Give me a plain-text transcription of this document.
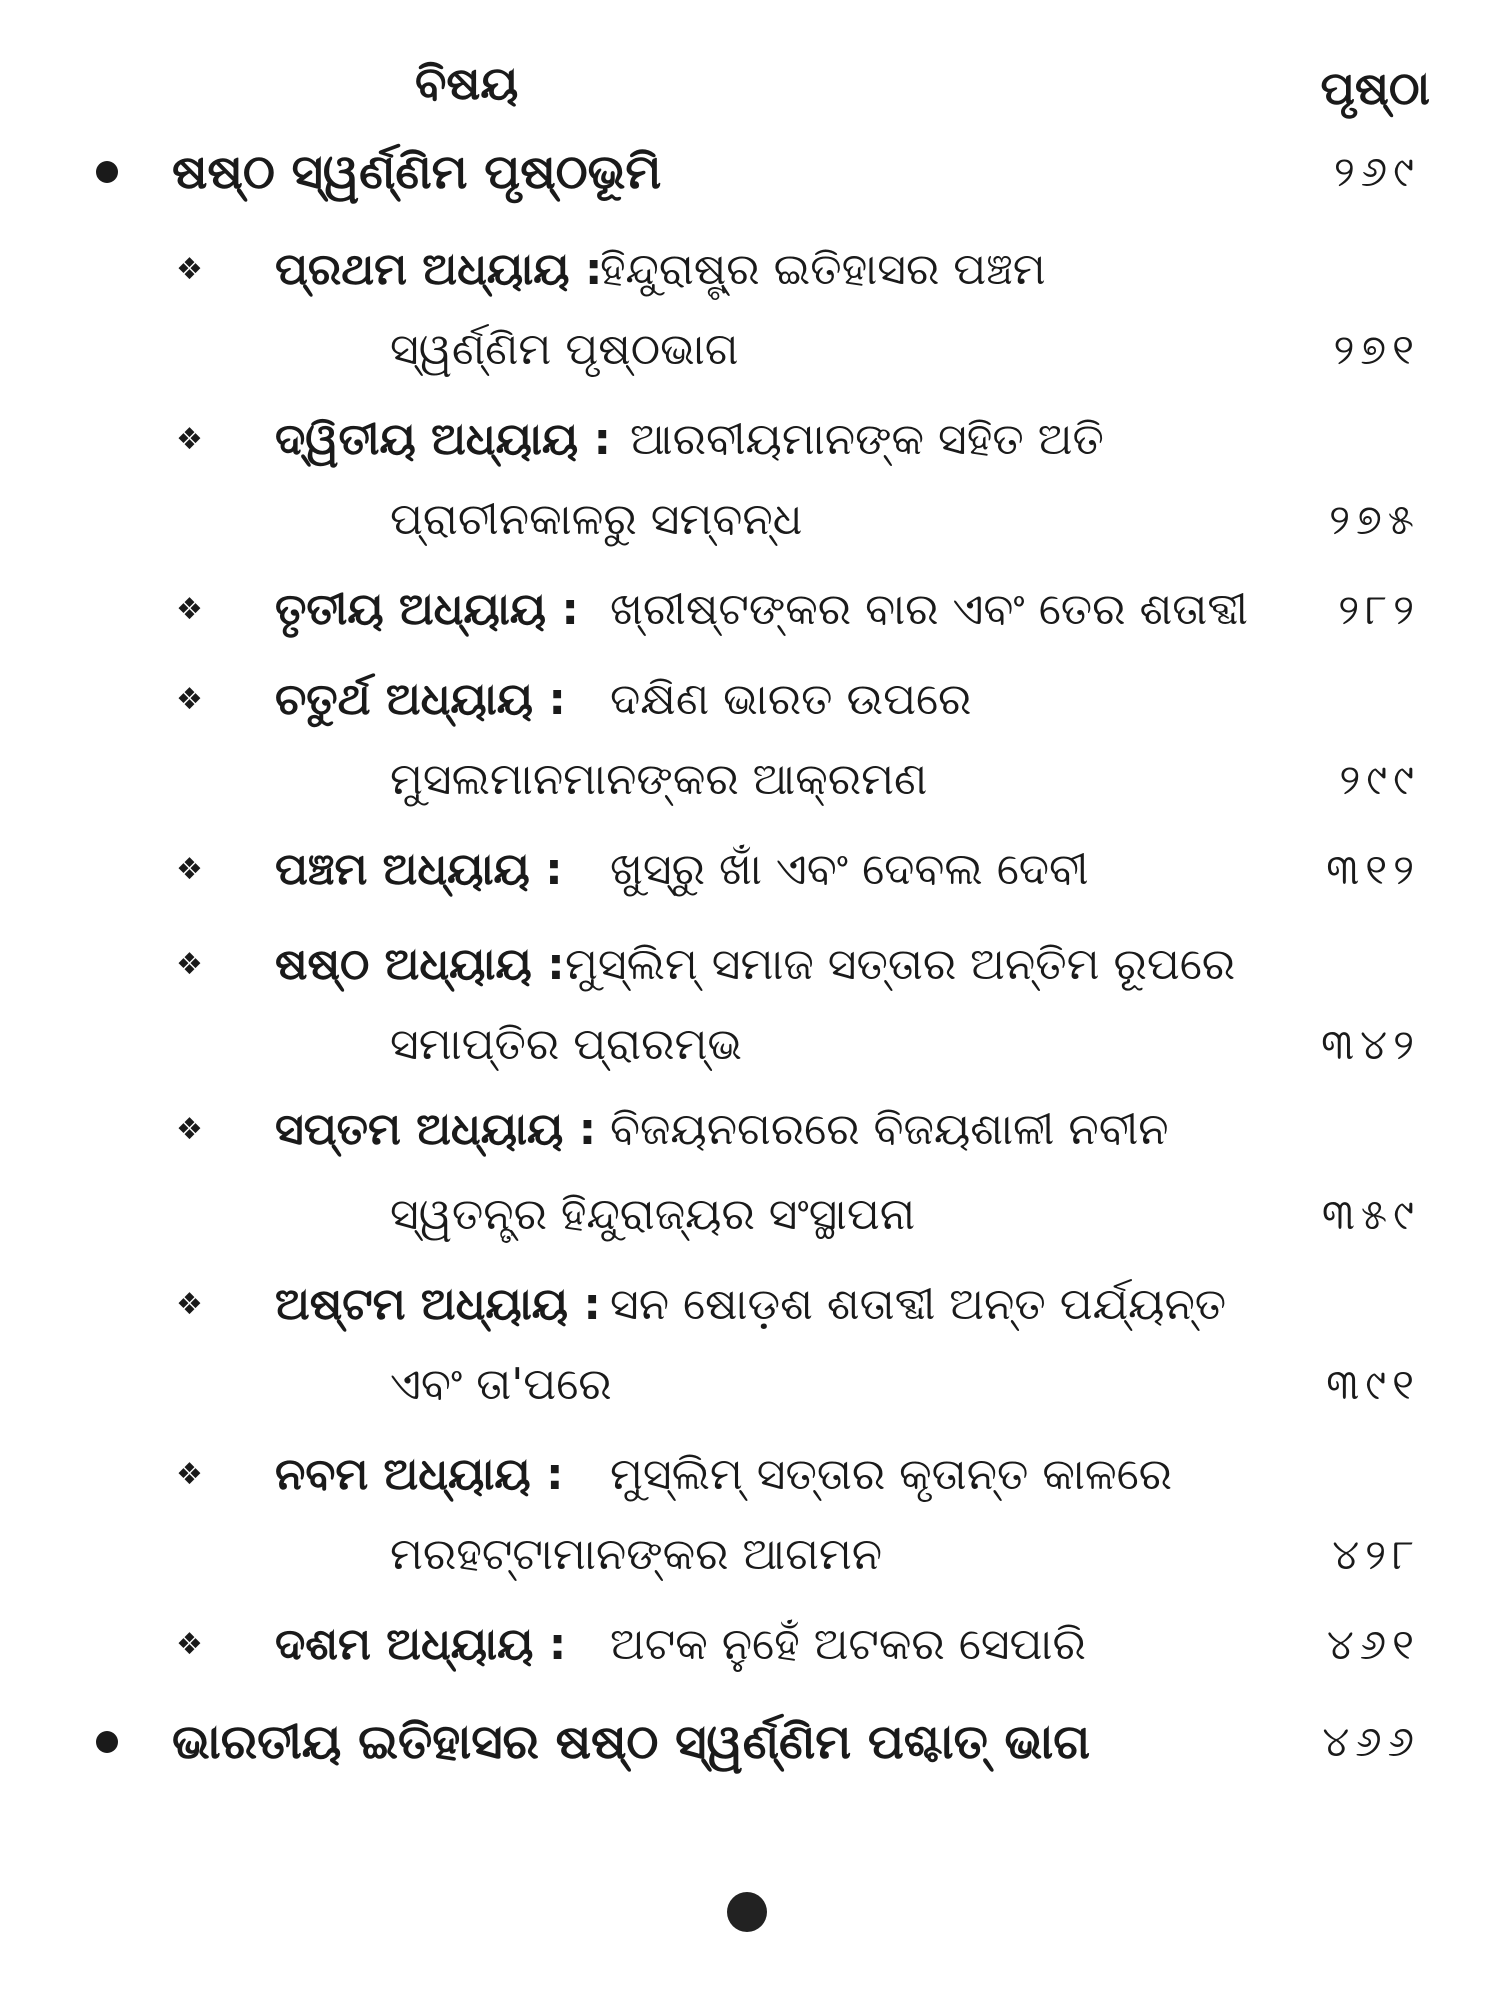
ବିଷୟ	ପୃଷ୍ଠା
ଷଷ୍ଠ ସ୍ୱର୍ଣ୍ଣିମ ପୃଷ୍ଠଭୂମି	୨୬୯
❖ ପ୍ରଥମ ଅଧ୍ୟାୟ :
ହିନ୍ଦୁରାଷ୍ଟ୍ର ଇତିହାସର ପଞ୍ଚମ
ସ୍ୱର୍ଣ୍ଣିମ ପୃଷ୍ଠଭାଗ	୨୭୧
❖ ଦ୍ୱିତୀୟ ଅଧ୍ୟାୟ : ଆରବୀୟମାନଙ୍କ ସହିତ ଅତି
ପ୍ରାଚୀନକାଳରୁ ସମ୍ବନ୍ଧ	୨୭୫
❖ ତୃତୀୟ ଅଧ୍ୟାୟ : ଖ୍ରୀଷ୍ଟଙ୍କର ବାର ଏବଂ ତେର ଶତାବ୍ଦୀ ୨୮୨
❖ ଚତୁର୍ଥ ଅଧ୍ୟାୟ : ଦକ୍ଷିଣ ଭାରତ ଉପରେ
ମୁସଲମାନମାନଙ୍କର ଆକ୍ରମଣ	୨୯୯
❖ ପଞ୍ଚମ ଅଧ୍ୟାୟ : ଖୁସ୍‌ରୁ ଖାଁ ଏବଂ ଦେବଲ ଦେବୀ	୩୧୨
❖ ଷଷ୍ଠ ଅଧ୍ୟାୟ : ମୁସ୍‌ଲିମ୍ ସମାଜ ସତ୍ତାର ଅନ୍ତିମ ରୂପରେ
ସମାପ୍ତିର ପ୍ରାରମ୍ଭ	୩୪୨
❖ ସପ୍ତମ ଅଧ୍ୟାୟ : ବିଜୟନଗରରେ ବିଜୟଶାଳୀ ନବୀନ
ସ୍ୱତନ୍ତ୍ର ହିନ୍ଦୁରାଜ୍ୟର ସଂସ୍ଥାପନା	୩୫୯
❖ ଅଷ୍ଟମ ଅଧ୍ୟାୟ : ସନ ଷୋଡ଼ଶ ଶତାବ୍ଦୀ ଅନ୍ତ ପର୍ଯ୍ୟନ୍ତ
ଏବଂ ତା'ପରେ	୩୯୧
❖ ନବମ ଅଧ୍ୟାୟ : ମୁସ୍‌ଲିମ୍ ସତ୍ତାର କୃତାନ୍ତ କାଳରେ
ମରହଟ୍ଟାମାନଙ୍କର ଆଗମନ	୪୨୮
❖ ଦଶମ ଅଧ୍ୟାୟ : ଅଟକ ନୁହେଁ ଅଟକର ସେପାରି	୪୬୧
ଭାରତୀୟ ଇତିହାସର ଷଷ୍ଠ ସ୍ୱର୍ଣ୍ଣିମ ପଶ୍ଚାତ୍ ଭାଗ	୪୬୬
